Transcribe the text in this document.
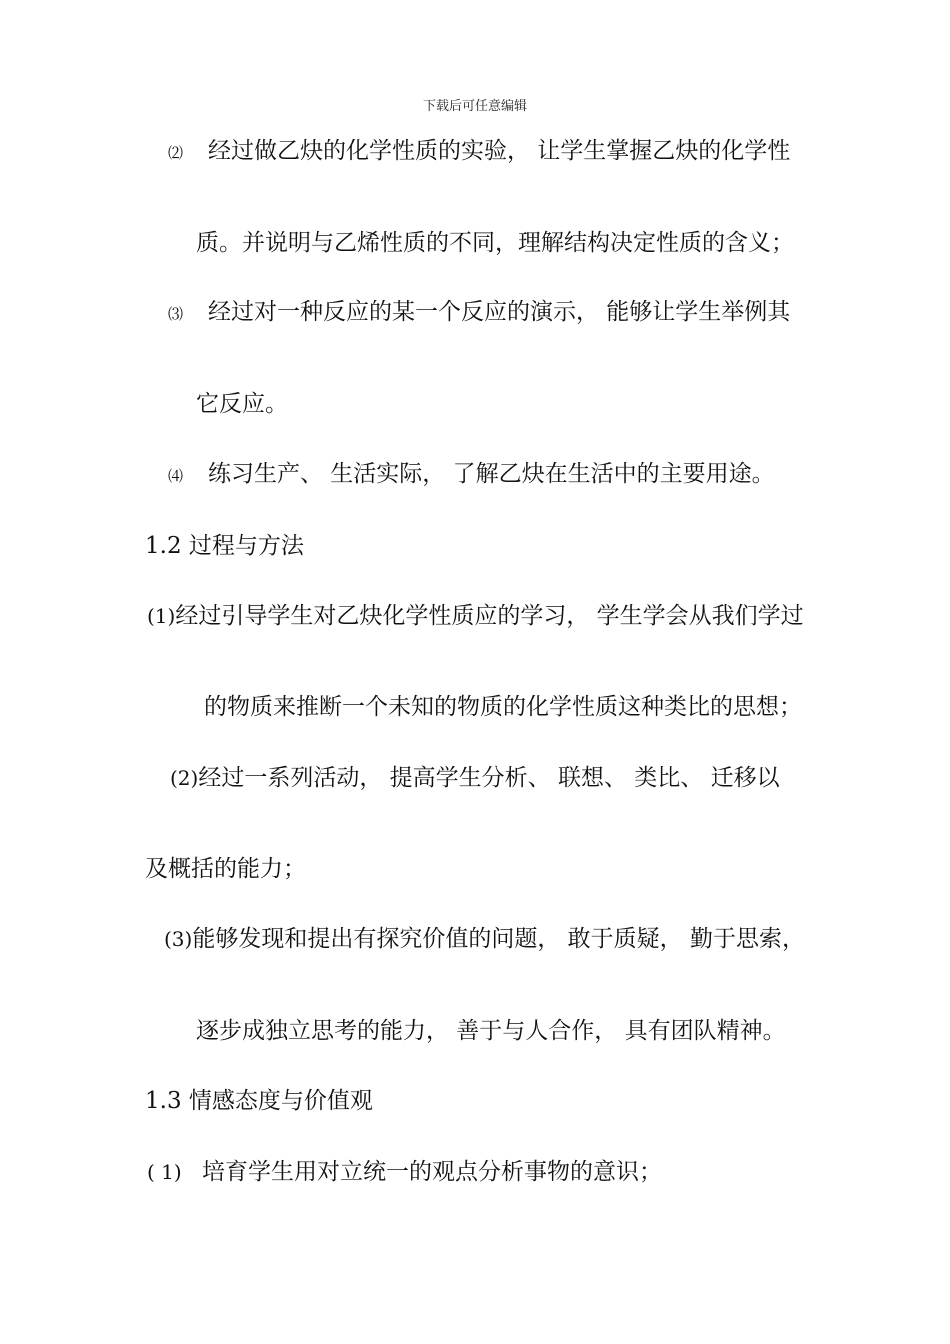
下载后可任意编辑
⑵ 经过做乙炔的化学性质的实验， 让学生掌握乙炔的化学性
质。并说明与乙烯性质的不同，理解结构决定性质的含义；
⑶ 经过对一种反应的某一个反应的演示， 能够让学生举例其
它反应。
⑷ 练习生产、 生活实际， 了解乙炔在生活中的主要用途。
1.2 过程与方法
(1)经过引导学生对乙炔化学性质应的学习， 学生学会从我们学过
的物质来推断一个未知的物质的化学性质这种类比的思想；
(2)经过一系列活动， 提高学生分析、 联想、 类比、 迁移以
及概括的能力；
(3)能够发现和提出有探究价值的问题， 敢于质疑， 勤于思索，
逐步成独立思考的能力， 善于与人合作， 具有团队精神。
1.3 情感态度与价值观
( 1) 培育学生用对立统一的观点分析事物的意识；
